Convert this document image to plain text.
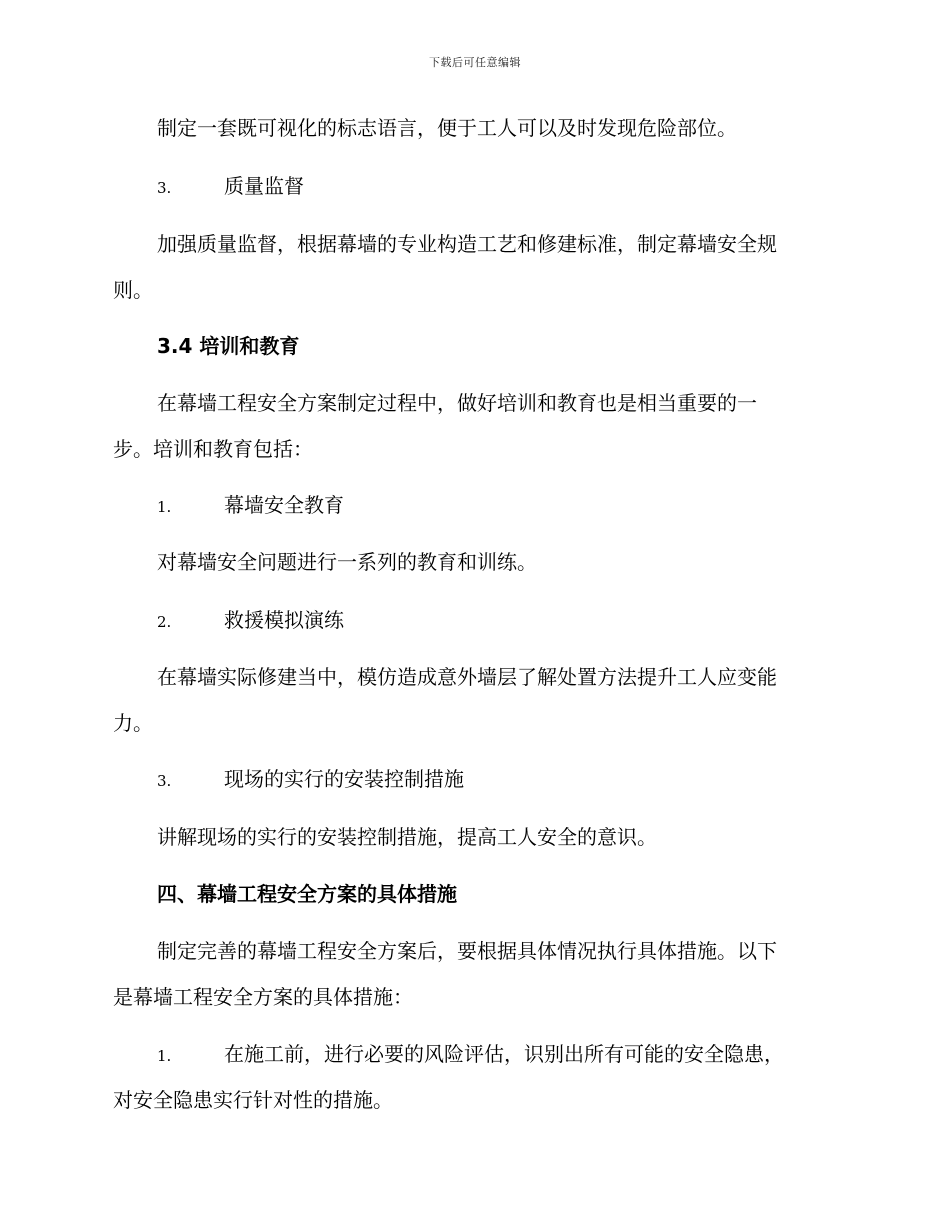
下载后可任意编辑
制定一套既可视化的标志语言，便于工人可以及时发现危险部位。
3.	质量监督
加强质量监督，根据幕墙的专业构造工艺和修建标准，制定幕墙安全规
则。
3.4 培训和教育
在幕墙工程安全方案制定过程中，做好培训和教育也是相当重要的一
步。培训和教育包括：
1.	幕墙安全教育
对幕墙安全问题进行一系列的教育和训练。
2.	救援模拟演练
在幕墙实际修建当中，模仿造成意外墙层了解处置方法提升工人应变能
力。
3.	现场的实行的安装控制措施
讲解现场的实行的安装控制措施，提高工人安全的意识。
四、幕墙工程安全方案的具体措施
制定完善的幕墙工程安全方案后，要根据具体情况执行具体措施。以下
是幕墙工程安全方案的具体措施：
1.	在施工前，进行必要的风险评估，识别出所有可能的安全隐患，
对安全隐患实行针对性的措施。
